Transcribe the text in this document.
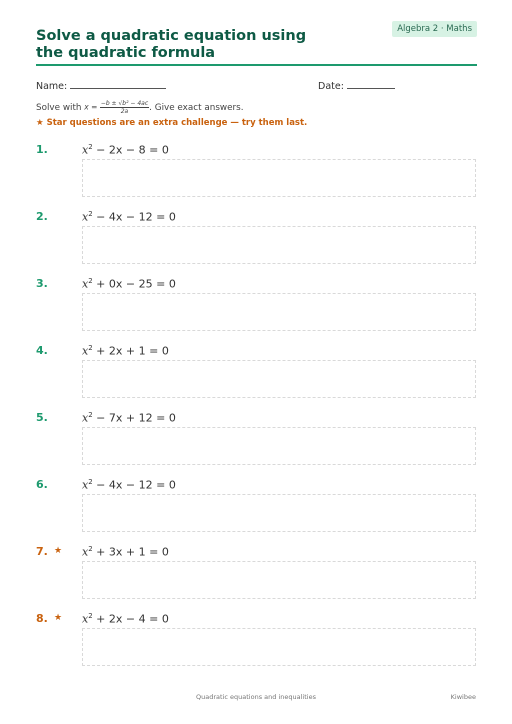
Solve a quadratic equation using the quadratic formula
Algebra 2 · Maths
Name:	Date:
Solve with $x = \frac{\text{−b ± √b² − 4ac}}{2a}$ . Give exact answers.
★ Star questions are an extra challenge — try them last.
1.	$x^2 - 2x - 8 = 0$
2.	$x^2 - 4x - 12 = 0$
3.	$x^2 + 0x - 25 = 0$
4.	$x^2 + 2x + 1 = 0$
5.	$x^2 - 7x + 12 = 0$
6.	$x^2 - 4x - 12 = 0$
7. ★ $x^2 + 3x + 1 = 0$
8. ★ $x^2 + 2x - 4 = 0$
Quadratic equations and inequalities	Kiwibee
